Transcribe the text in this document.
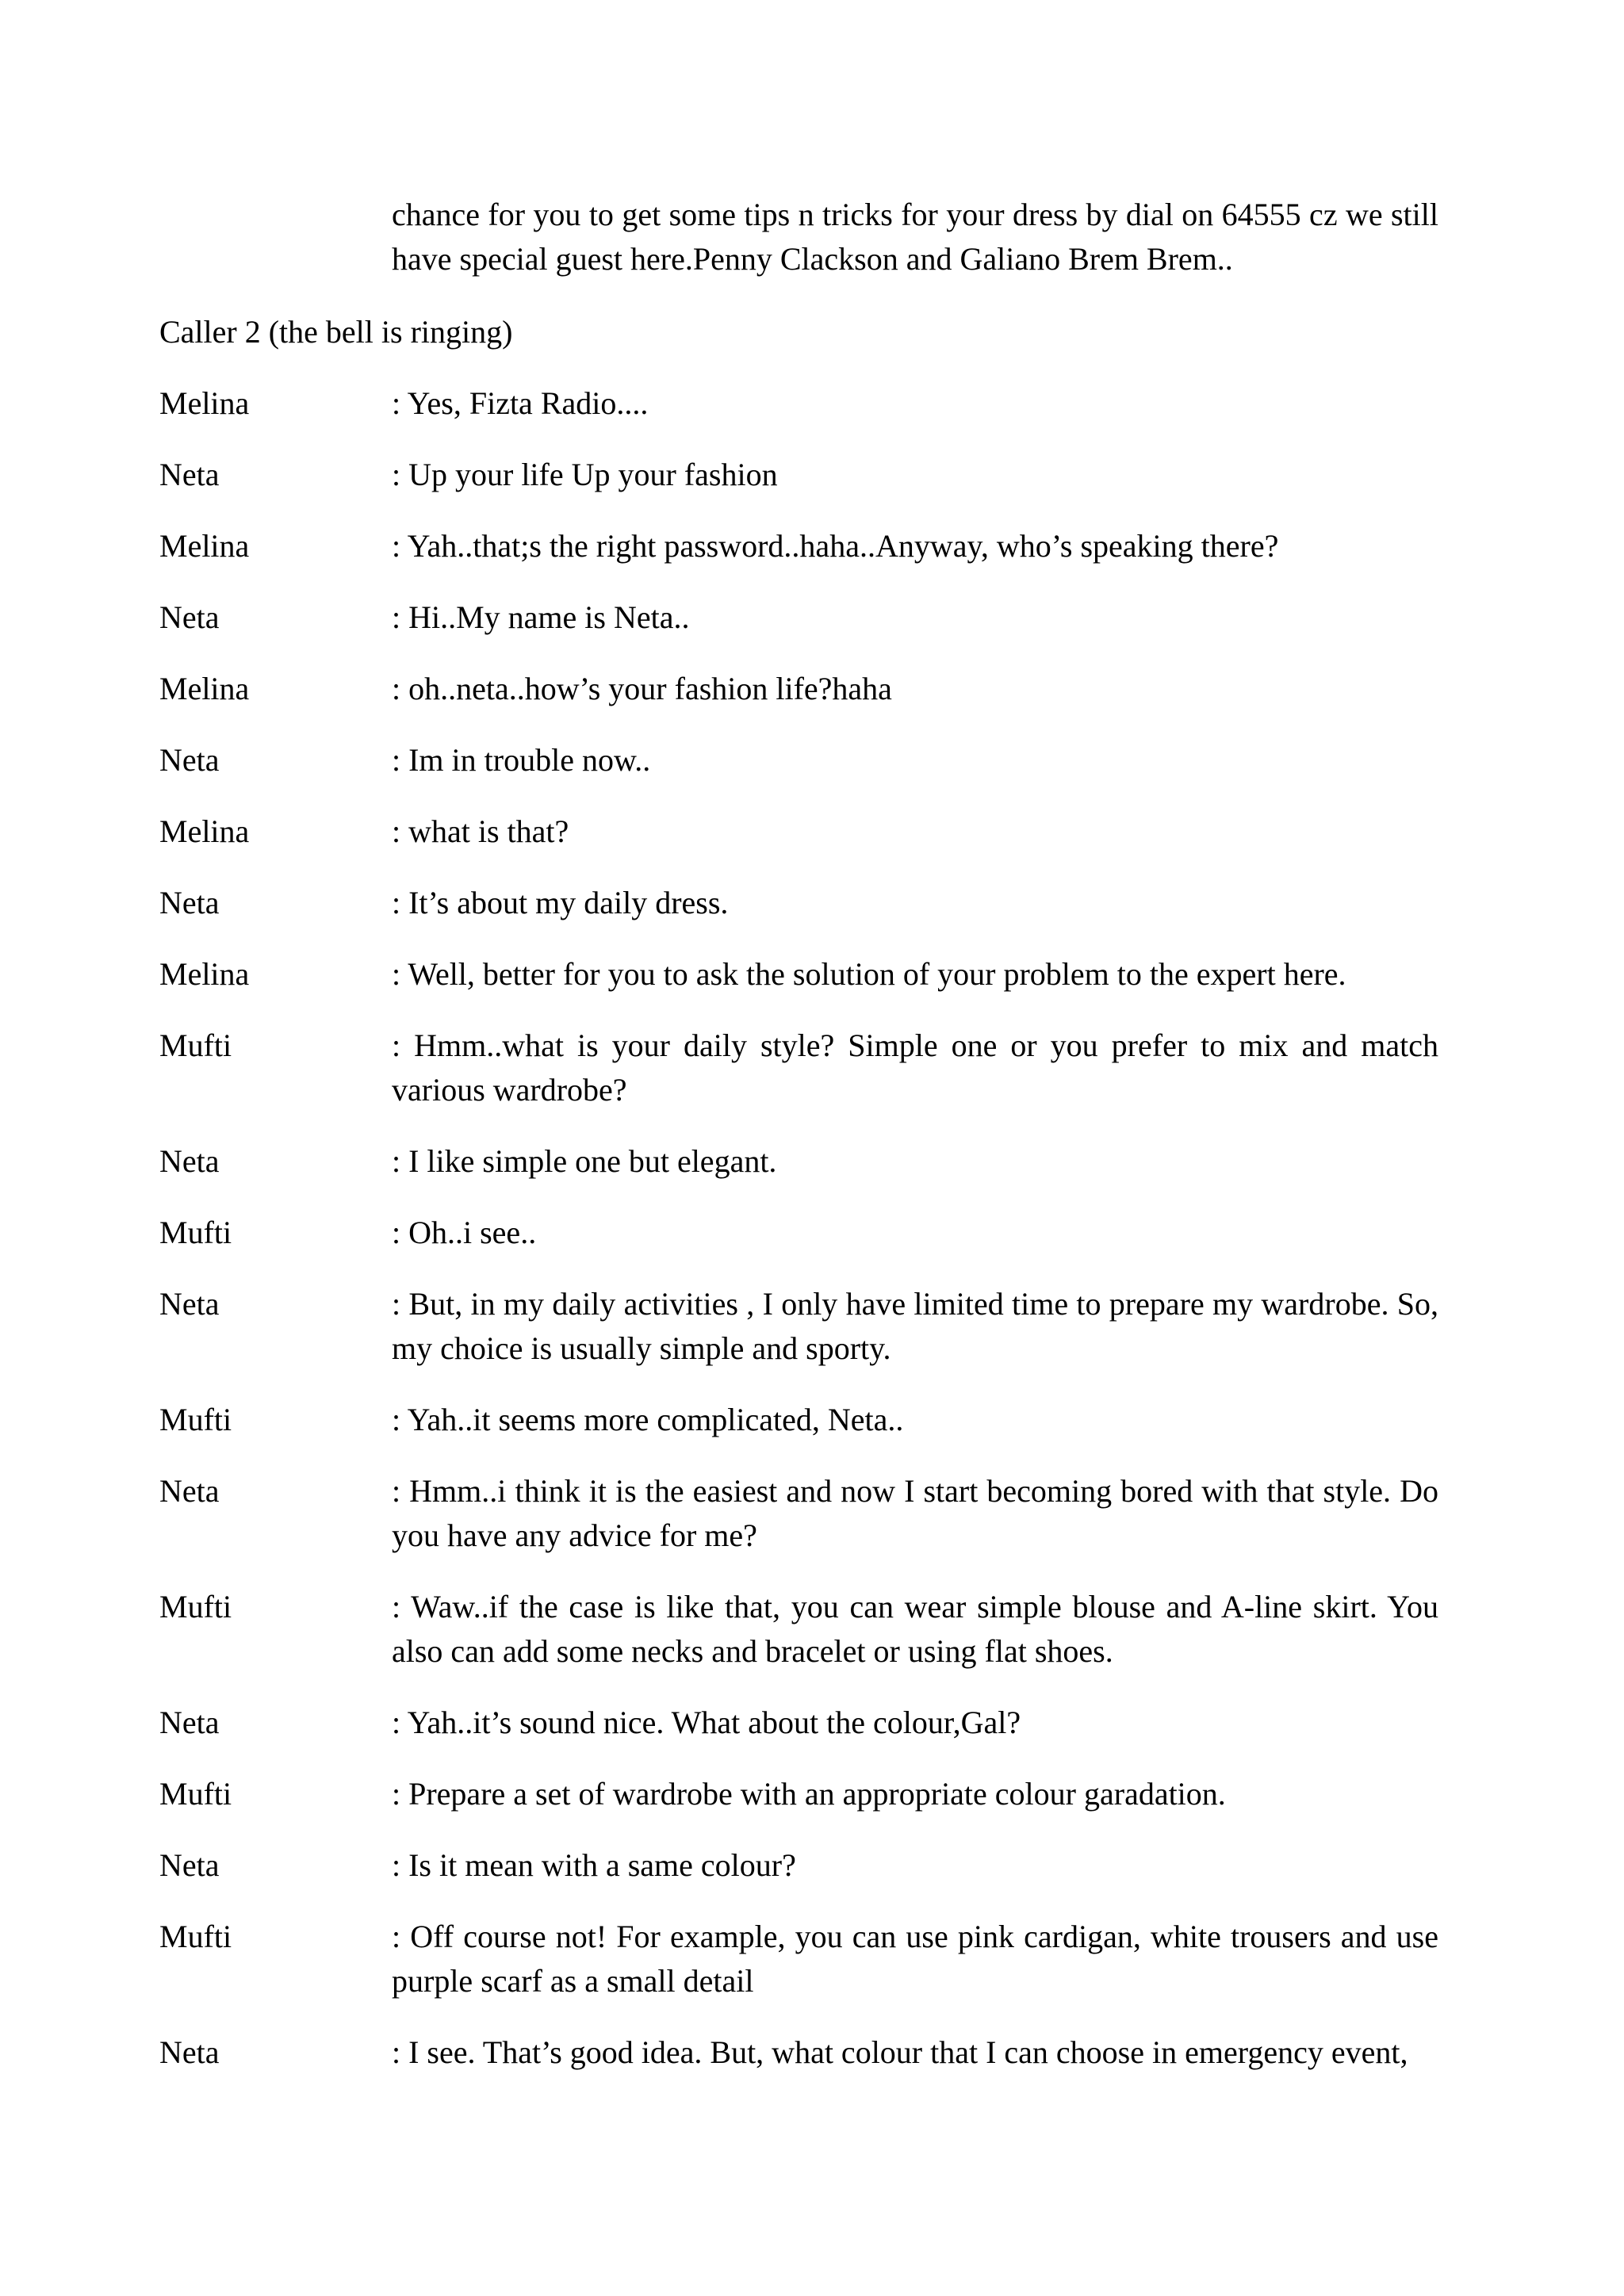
chance for you to get some tips n tricks for your dress by dial on 64555 cz we still have special guest here.Penny Clackson and Galiano Brem Brem..
Caller 2 (the bell is ringing)
Melina	: Yes, Fizta Radio....
Neta	: Up your life Up your fashion
Melina	: Yah..that;s the right password..haha..Anyway, who’s speaking there?
Neta	: Hi..My name is Neta..
Melina	: oh..neta..how’s your fashion life?haha
Neta	: Im in trouble now..
Melina	: what is that?
Neta	: It’s about my daily dress.
Melina	: Well, better for you to ask the solution of your problem to the expert here.
Mufti	: Hmm..what is your daily style? Simple one or you prefer to mix and match various wardrobe?
Neta	: I like simple one but elegant.
Mufti	: Oh..i see..
Neta	: But, in my daily activities , I only have limited time to prepare my wardrobe. So, my choice is usually simple and sporty.
Mufti	: Yah..it seems more complicated, Neta..
Neta	: Hmm..i think it is the easiest and now I start becoming bored with that style. Do you have any advice for me?
Mufti	: Waw..if the case is like that, you can wear simple blouse and A-line skirt. You also can add some necks and bracelet or using flat shoes.
Neta	: Yah..it’s sound nice. What about the colour,Gal?
Mufti	: Prepare a set of wardrobe with an appropriate colour garadation.
Neta	: Is it mean with a same colour?
Mufti	: Off course not! For example, you can use pink cardigan, white trousers and use purple scarf as a small detail
Neta	: I see. That’s good idea. But, what colour that I can choose in emergency event,
